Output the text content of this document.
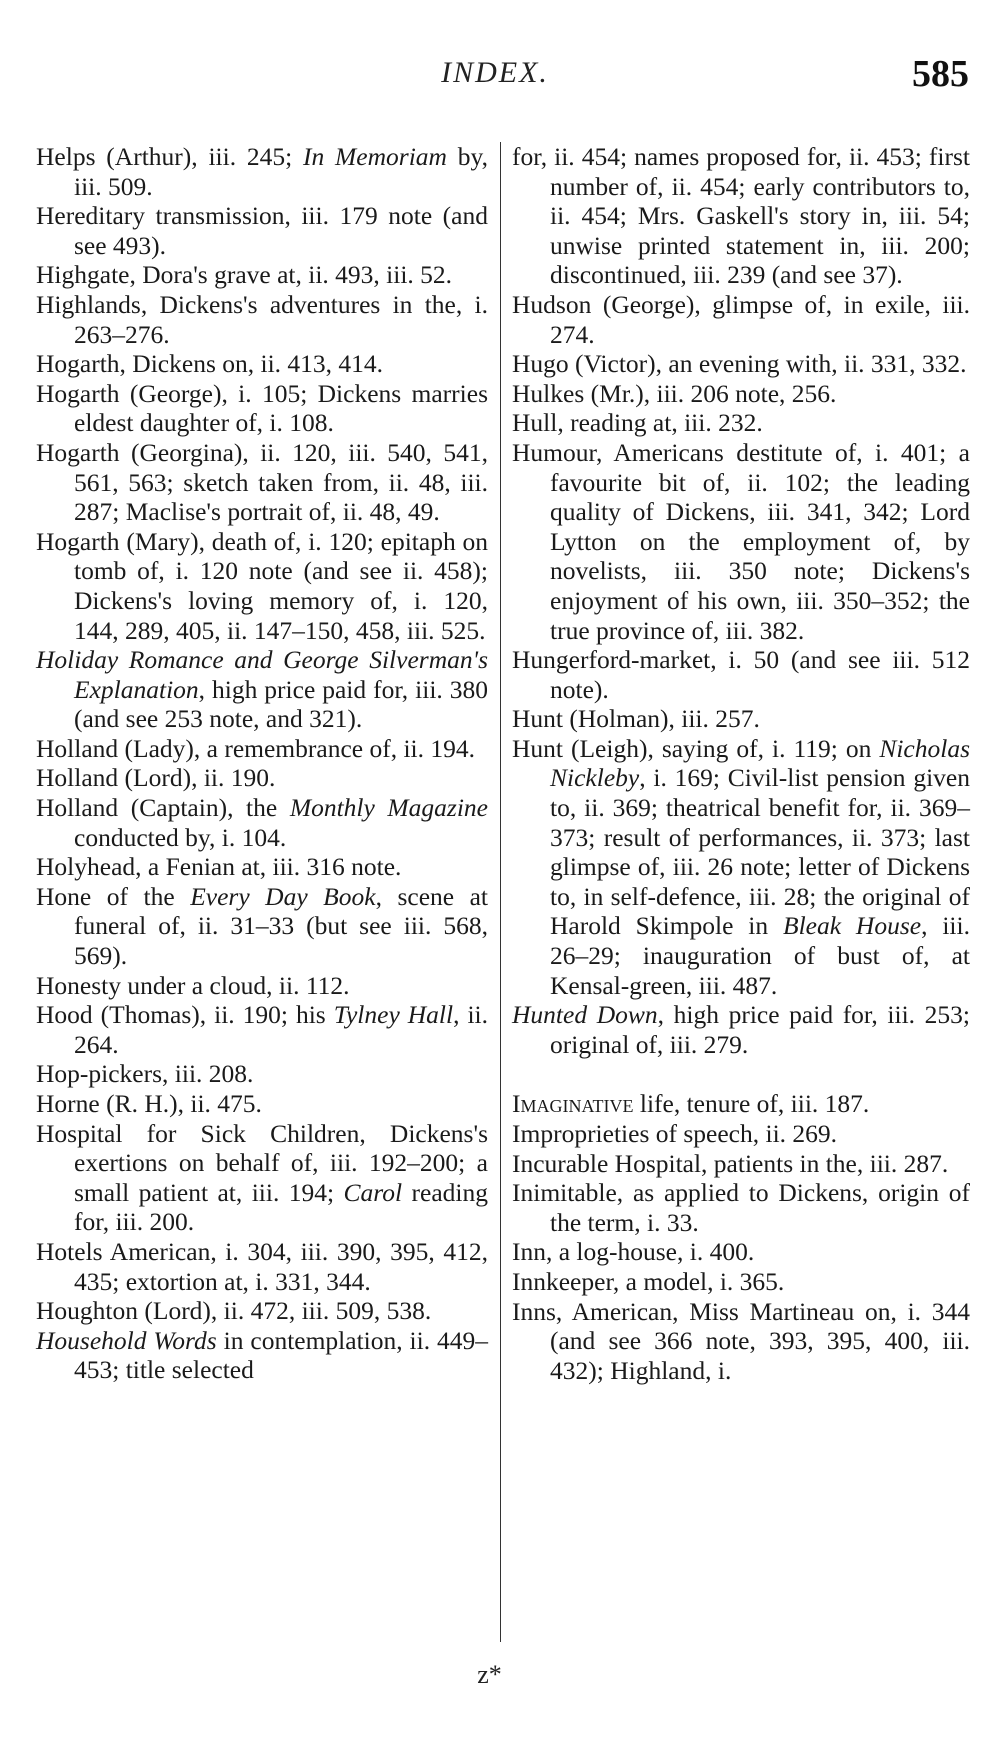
INDEX.	585

Helps (Arthur), iii. 245; In Memoriam by, iii. 509.

Hereditary transmission, iii. 179 note (and see 493).

Highgate, Dora's grave at, ii. 493, iii. 52.

Highlands, Dickens's adventures in the, i. 263–276.

Hogarth, Dickens on, ii. 413, 414.

Hogarth (George), i. 105; Dickens marries eldest daughter of, i. 108.

Hogarth (Georgina), ii. 120, iii. 540, 541, 561, 563; sketch taken from, ii. 48, iii. 287; Maclise's portrait of, ii. 48, 49.

Hogarth (Mary), death of, i. 120; epitaph on tomb of, i. 120 note (and see ii. 458); Dickens's loving memory of, i. 120, 144, 289, 405, ii. 147–150, 458, iii. 525.

Holiday Romance and George Silverman's Explanation, high price paid for, iii. 380 (and see 253 note, and 321).

Holland (Lady), a remembrance of, ii. 194.

Holland (Lord), ii. 190.

Holland (Captain), the Monthly Magazine conducted by, i. 104.

Holyhead, a Fenian at, iii. 316 note.

Hone of the Every Day Book, scene at funeral of, ii. 31–33 (but see iii. 568, 569).

Honesty under a cloud, ii. 112.

Hood (Thomas), ii. 190; his Tylney Hall, ii. 264.

Hop-pickers, iii. 208.

Horne (R. H.), ii. 475.

Hospital for Sick Children, Dickens's exertions on behalf of, iii. 192–200; a small patient at, iii. 194; Carol reading for, iii. 200.

Hotels American, i. 304, iii. 390, 395, 412, 435; extortion at, i. 331, 344.

Houghton (Lord), ii. 472, iii. 509, 538.

Household Words in contemplation, ii. 449–453; title selected

for, ii. 454; names proposed for, ii. 453; first number of, ii. 454; early contributors to, ii. 454; Mrs. Gaskell's story in, iii. 54; unwise printed statement in, iii. 200; discontinued, iii. 239 (and see 37).

Hudson (George), glimpse of, in exile, iii. 274.

Hugo (Victor), an evening with, ii. 331, 332.

Hulkes (Mr.), iii. 206 note, 256.

Hull, reading at, iii. 232.

Humour, Americans destitute of, i. 401; a favourite bit of, ii. 102; the leading quality of Dickens, iii. 341, 342; Lord Lytton on the employment of, by novelists, iii. 350 note; Dickens's enjoyment of his own, iii. 350–352; the true province of, iii. 382.

Hungerford-market, i. 50 (and see iii. 512 note).

Hunt (Holman), iii. 257.

Hunt (Leigh), saying of, i. 119; on Nicholas Nickleby, i. 169; Civil-list pension given to, ii. 369; theatrical benefit for, ii. 369–373; result of performances, ii. 373; last glimpse of, iii. 26 note; letter of Dickens to, in self-defence, iii. 28; the original of Harold Skimpole in Bleak House, iii. 26–29; inauguration of bust of, at Kensal-green, iii. 487.

Hunted Down, high price paid for, iii. 253; original of, iii. 279.

Imaginative life, tenure of, iii. 187.

Improprieties of speech, ii. 269.

Incurable Hospital, patients in the, iii. 287.

Inimitable, as applied to Dickens, origin of the term, i. 33.

Inn, a log-house, i. 400.

Innkeeper, a model, i. 365.

Inns, American, Miss Martineau on, i. 344 (and see 366 note, 393, 395, 400, iii. 432); Highland, i.

z*
